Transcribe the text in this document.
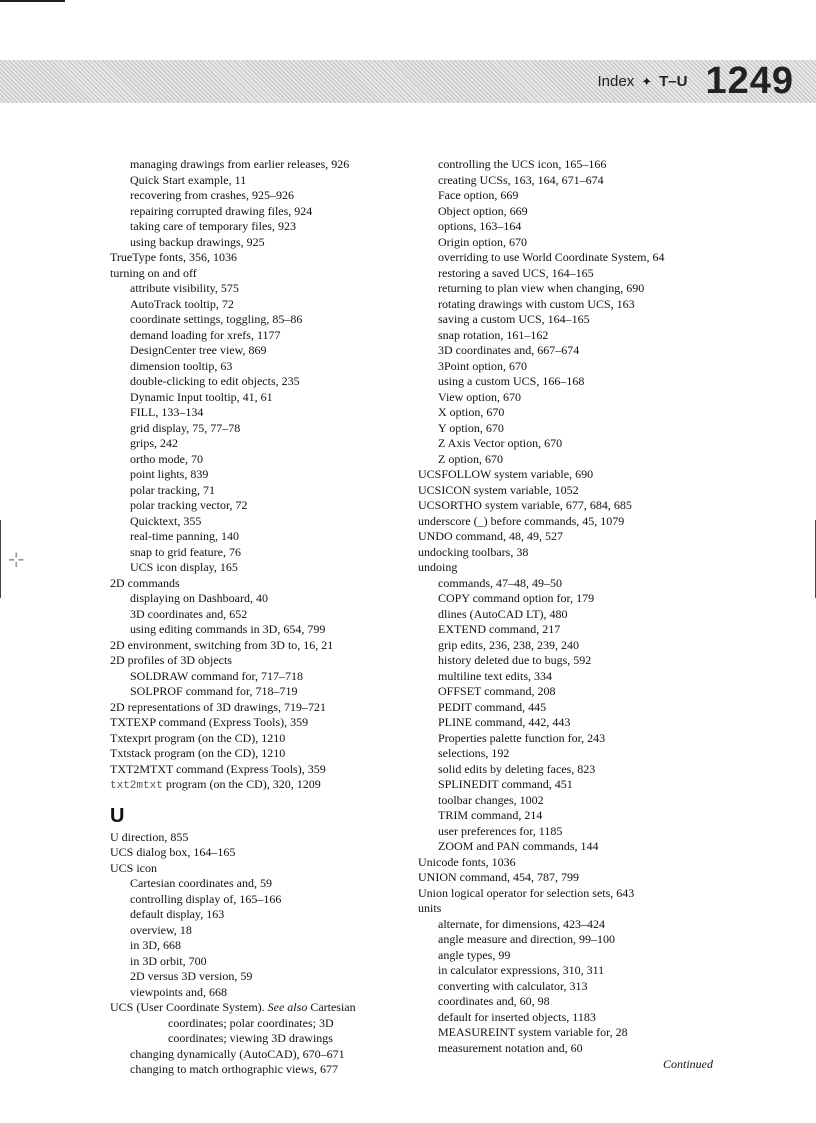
Index ✦ T–U 1249
managing drawings from earlier releases, 926
Quick Start example, 11
recovering from crashes, 925–926
repairing corrupted drawing files, 924
taking care of temporary files, 923
using backup drawings, 925
TrueType fonts, 356, 1036
turning on and off
attribute visibility, 575
AutoTrack tooltip, 72
coordinate settings, toggling, 85–86
demand loading for xrefs, 1177
DesignCenter tree view, 869
dimension tooltip, 63
double-clicking to edit objects, 235
Dynamic Input tooltip, 41, 61
FILL, 133–134
grid display, 75, 77–78
grips, 242
ortho mode, 70
point lights, 839
polar tracking, 71
polar tracking vector, 72
Quicktext, 355
real-time panning, 140
snap to grid feature, 76
UCS icon display, 165
2D commands
displaying on Dashboard, 40
3D coordinates and, 652
using editing commands in 3D, 654, 799
2D environment, switching from 3D to, 16, 21
2D profiles of 3D objects
SOLDRAW command for, 717–718
SOLPROF command for, 718–719
2D representations of 3D drawings, 719–721
TXTEXP command (Express Tools), 359
Txtexprt program (on the CD), 1210
Txtstack program (on the CD), 1210
TXT2MTXT command (Express Tools), 359
txt2mtxt program (on the CD), 320, 1209
U
U direction, 855
UCS dialog box, 164–165
UCS icon
Cartesian coordinates and, 59
controlling display of, 165–166
default display, 163
overview, 18
in 3D, 668
in 3D orbit, 700
2D versus 3D version, 59
viewpoints and, 668
UCS (User Coordinate System). See also Cartesian
coordinates; polar coordinates; 3D
coordinates; viewing 3D drawings
changing dynamically (AutoCAD), 670–671
changing to match orthographic views, 677
controlling the UCS icon, 165–166
creating UCSs, 163, 164, 671–674
Face option, 669
Object option, 669
options, 163–164
Origin option, 670
overriding to use World Coordinate System, 64
restoring a saved UCS, 164–165
returning to plan view when changing, 690
rotating drawings with custom UCS, 163
saving a custom UCS, 164–165
snap rotation, 161–162
3D coordinates and, 667–674
3Point option, 670
using a custom UCS, 166–168
View option, 670
X option, 670
Y option, 670
Z Axis Vector option, 670
Z option, 670
UCSFOLLOW system variable, 690
UCSICON system variable, 1052
UCSORTHO system variable, 677, 684, 685
underscore (_) before commands, 45, 1079
UNDO command, 48, 49, 527
undocking toolbars, 38
undoing
commands, 47–48, 49–50
COPY command option for, 179
dlines (AutoCAD LT), 480
EXTEND command, 217
grip edits, 236, 238, 239, 240
history deleted due to bugs, 592
multiline text edits, 334
OFFSET command, 208
PEDIT command, 445
PLINE command, 442, 443
Properties palette function for, 243
selections, 192
solid edits by deleting faces, 823
SPLINEDIT command, 451
toolbar changes, 1002
TRIM command, 214
user preferences for, 1185
ZOOM and PAN commands, 144
Unicode fonts, 1036
UNION command, 454, 787, 799
Union logical operator for selection sets, 643
units
alternate, for dimensions, 423–424
angle measure and direction, 99–100
angle types, 99
in calculator expressions, 310, 311
converting with calculator, 313
coordinates and, 60, 98
default for inserted objects, 1183
MEASUREINT system variable for, 28
measurement notation and, 60
Continued
⊹
